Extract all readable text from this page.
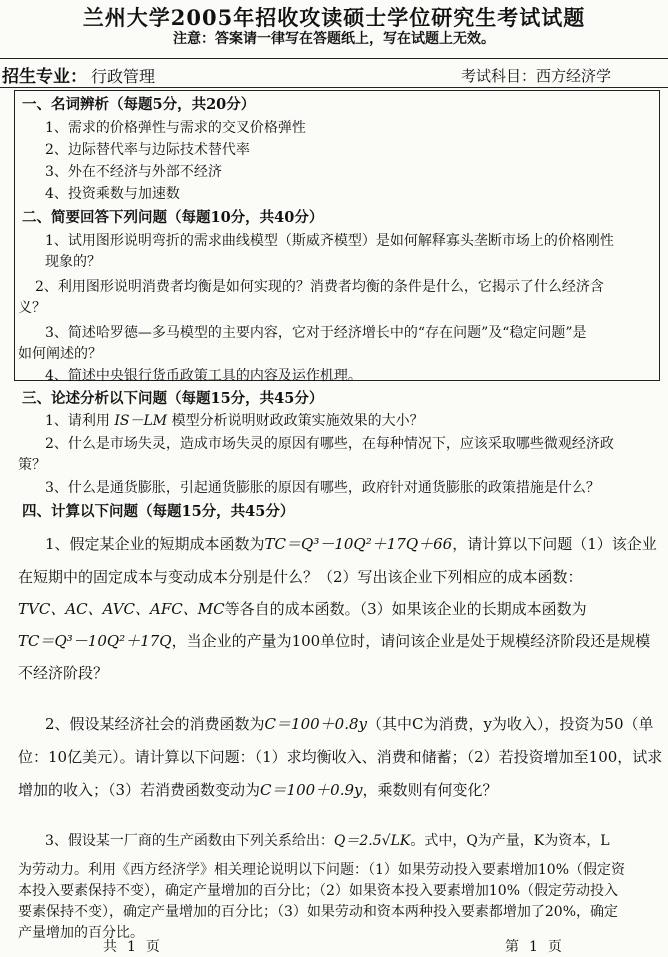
兰州大学2005年招收攻读硕士学位研究生考试试题
注意：答案请一律写在答题纸上，写在试题上无效。
招生专业： 行政管理	考试科目：西方经济学
一、名词辨析（每题5分，共20分）
1、需求的价格弹性与需求的交叉价格弹性
2、边际替代率与边际技术替代率
3、外在不经济与外部不经济
4、投资乘数与加速数
二、简要回答下列问题（每题10分，共40分）
1、试用图形说明弯折的需求曲线模型（斯威齐模型）是如何解释寡头垄断市场上的价格刚性
现象的？
2、利用图形说明消费者均衡是如何实现的？消费者均衡的条件是什么，它揭示了什么经济含
义？
3、简述哈罗德—多马模型的主要内容，它对于经济增长中的“存在问题”及“稳定问题”是
如何阐述的？
4、简述中央银行货币政策工具的内容及运作机理。
三、论述分析以下问题（每题15分，共45分）
1、请利用 IS－LM 模型分析说明财政政策实施效果的大小？
2、什么是市场失灵，造成市场失灵的原因有哪些，在每种情况下，应该采取哪些微观经济政
策？
3、什么是通货膨胀，引起通货膨胀的原因有哪些，政府针对通货膨胀的政策措施是什么？
四、计算以下问题（每题15分，共45分）
1、假定某企业的短期成本函数为TC＝Q³－10Q²＋17Q＋66，请计算以下问题（1）该企业
在短期中的固定成本与变动成本分别是什么？（2）写出该企业下列相应的成本函数：
TVC、AC、AVC、AFC、MC等各自的成本函数。（3）如果该企业的长期成本函数为
TC＝Q³－10Q²＋17Q，当企业的产量为100单位时，请问该企业是处于规模经济阶段还是规模
不经济阶段？
2、假设某经济社会的消费函数为C＝100＋0.8y（其中C为消费，y为收入），投资为50（单
位：10亿美元）。请计算以下问题：（1）求均衡收入、消费和储蓄；（2）若投资增加至100，试求
增加的收入；（3）若消费函数变动为C＝100＋0.9y，乘数则有何变化？
3、假设某一厂商的生产函数由下列关系给出：Q＝2.5√LK。式中，Q为产量，K为资本，L
为劳动力。利用《西方经济学》相关理论说明以下问题：（1）如果劳动投入要素增加10%（假定资
本投入要素保持不变），确定产量增加的百分比；（2）如果资本投入要素增加10%（假定劳动投入
要素保持不变），确定产量增加的百分比；（3）如果劳动和资本两种投入要素都增加了20%，确定
产量增加的百分比。
共1页	第1页
